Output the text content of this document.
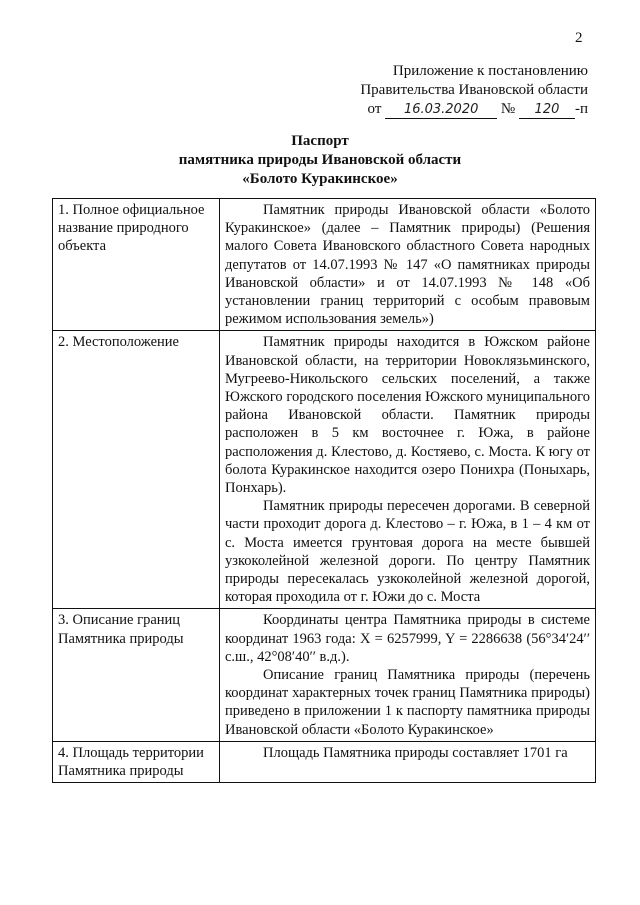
2
Приложение к постановлению
Правительства Ивановской области
от 16.03.2020 № 120 -п
Паспорт
памятника природы Ивановской области
«Болото Куракинское»
1. Полное официальное название природного объекта	Памятник природы Ивановской области «Болото Куракинское» (далее – Памятник природы) (Решения малого Совета Ивановского областного Совета народных депутатов от 14.07.1993 № 147 «О памятниках природы Ивановской области» и от 14.07.1993 № 148 «Об установлении границ территорий с особым правовым режимом использования земель»)

2. Местоположение	Памятник природы находится в Южском районе Ивановской области, на территории Новоклязьминского, Мугреево-Никольского сельских поселений, а также Южского городского поселения Южского муниципального района Ивановской области. Памятник природы расположен в 5 км восточнее г. Южа, в районе расположения д. Клестово, д. Костяево, с. Моста. К югу от болота Куракинское находится озеро Понихра (Поныхарь, Понхарь).

Памятник природы пересечен дорогами. В северной части проходит дорога д. Клестово – г. Южа, в 1 – 4 км от с. Моста имеется грунтовая дорога на месте бывшей узкоколейной железной дороги. По центру Памятник природы пересекалась узкоколейной железной дорогой, которая проходила от г. Южи до с. Моста

3. Описание границ Памятника природы	Координаты центра Памятника природы в системе координат 1963 года: X = 6257999, Y = 2286638 (56°34ʹ24ʹʹ с.ш., 42°08ʹ40ʹʹ в.д.).

Описание границ Памятника природы (перечень координат характерных точек границ Памятника природы) приведено в приложении 1 к паспорту памятника природы Ивановской области «Болото Куракинское»

4. Площадь территории Памятника природы	Площадь Памятника природы составляет 1701 га
